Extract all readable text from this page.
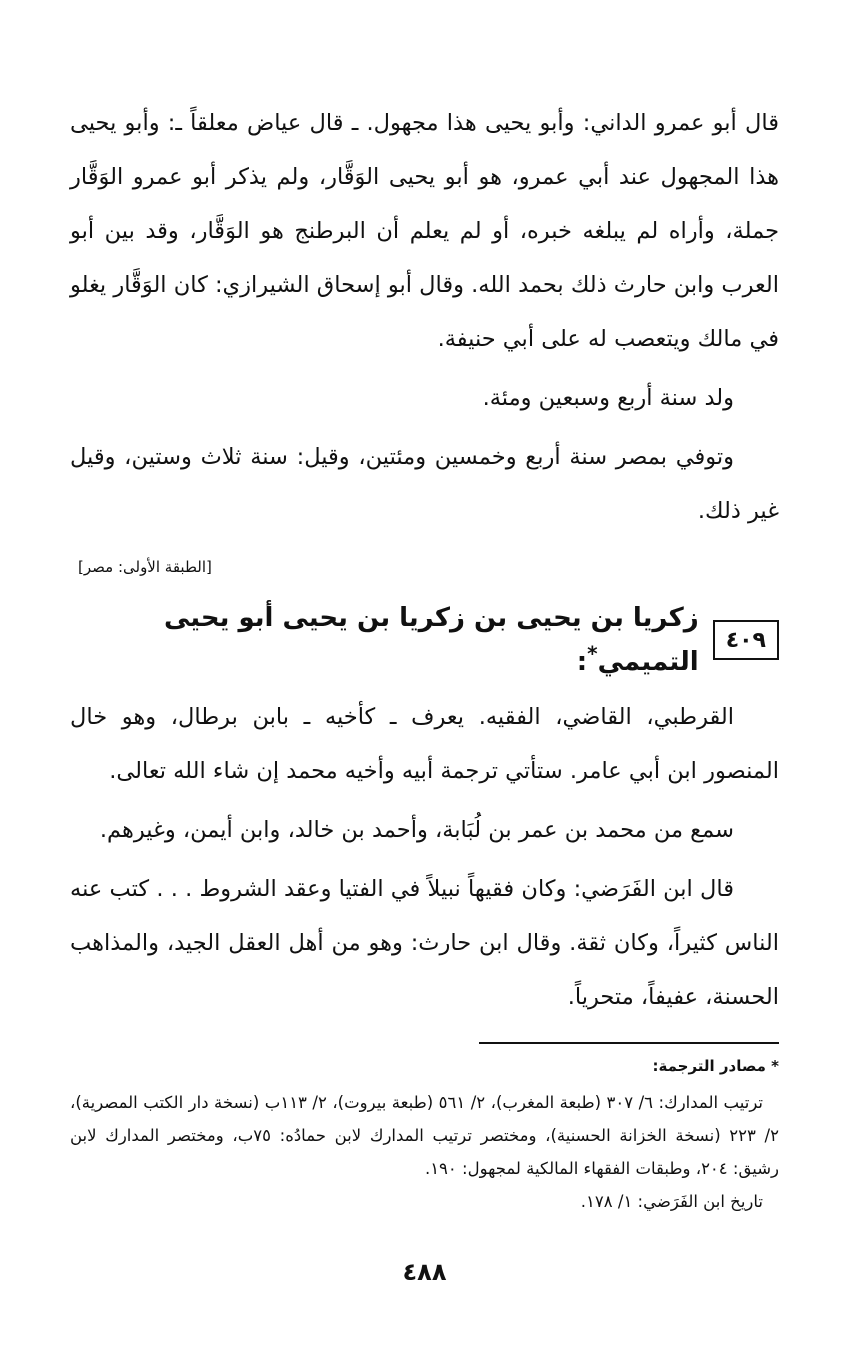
قال أبو عمرو الداني: وأبو يحيى هذا مجهول. ـ قال عياض معلقاً ـ: وأبو يحيى هذا المجهول عند أبي عمرو، هو أبو يحيى الوَقَّار، ولم يذكر أبو عمرو الوَقَّار جملة، وأراه لم يبلغه خبره، أو لم يعلم أن البرطنج هو الوَقَّار، وقد بين أبو العرب وابن حارث ذلك بحمد الله. وقال أبو إسحاق الشيرازي: كان الوَقَّار يغلو في مالك ويتعصب له على أبي حنيفة.

ولد سنة أربع وسبعين ومئة.

وتوفي بمصر سنة أربع وخمسين ومئتين، وقيل: سنة ثلاث وستين، وقيل غير ذلك.

[الطبقة الأولى: مصر]
٤٠٩
زكريا بن يحيى بن زكريا بن يحيى أبو يحيى التميمي*:

القرطبي، القاضي، الفقيه. يعرف ـ كأخيه ـ بابن برطال، وهو خال المنصور ابن أبي عامر. ستأتي ترجمة أبيه وأخيه محمد إن شاء الله تعالى.

سمع من محمد بن عمر بن لُبَابة، وأحمد بن خالد، وابن أيمن، وغيرهم.

قال ابن الفَرَضي: وكان فقيهاً نبيلاً في الفتيا وعقد الشروط . . . كتب عنه الناس كثيراً، وكان ثقة. وقال ابن حارث: وهو من أهل العقل الجيد، والمذاهب الحسنة، عفيفاً، متحرياً.

* مصادر الترجمة:

ترتيب المدارك: ٦/ ٣٠٧ (طبعة المغرب)، ٢/ ٥٦١ (طبعة بيروت)، ٢/ ١١٣ب (نسخة دار الكتب المصرية)، ٢/ ٢٢٣ (نسخة الخزانة الحسنية)، ومختصر ترتيب المدارك لابن حمادُه: ٧٥ب، ومختصر المدارك لابن رشيق: ٢٠٤، وطبقات الفقهاء المالكية لمجهول: ١٩٠.

تاريخ ابن الفَرَضي: ١/ ١٧٨.

٤٨٨
